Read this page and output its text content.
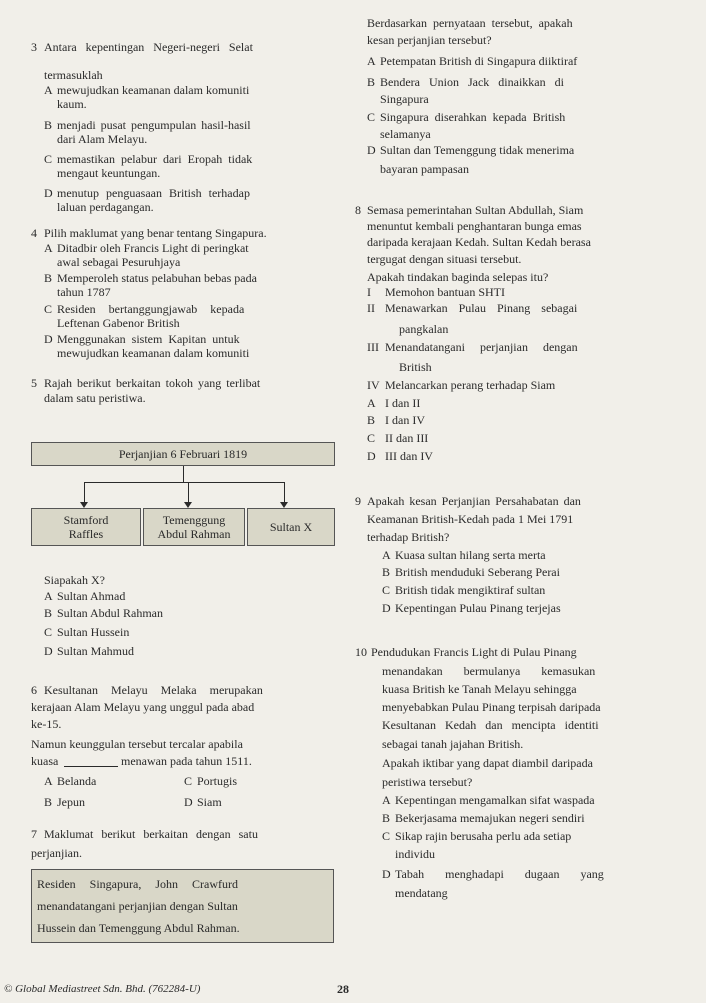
3 Antara kepentingan Negeri-negeri Selat
termasuklah
A mewujudkan keamanan dalam komuniti
kaum.
B menjadi pusat pengumpulan hasil-hasil
dari Alam Melayu.
C memastikan pelabur dari Eropah tidak
mengaut keuntungan.
D menutup penguasaan British terhadap
laluan perdagangan.
4 Pilih maklumat yang benar tentang Singapura.
A Ditadbir oleh Francis Light di peringkat
awal sebagai Pesuruhjaya
B Memperoleh status pelabuhan bebas pada
tahun 1787
C Residen bertanggungjawab kepada
Leftenan Gabenor British
D Menggunakan sistem Kapitan untuk
mewujudkan keamanan dalam komuniti
5 Rajah berikut berkaitan tokoh yang terlibat
dalam satu peristiwa.
Perjanjian 6 Februari 1819
Stamford
Raffles
Temenggung
Abdul Rahman	Sultan X
Siapakah X?
A Sultan Ahmad
B Sultan Abdul Rahman
C Sultan Hussein
D Sultan Mahmud
6 Kesultanan Melayu Melaka merupakan
kerajaan Alam Melayu yang unggul pada abad
ke-15.
Namun keunggulan tersebut tercalar apabila
kuasa	menawan pada tahun 1511.
A Belanda	C Portugis
B Jepun	D Siam
7 Maklumat berikut berkaitan dengan satu
perjanjian.
Residen Singapura, John Crawfurd
menandatangani perjanjian dengan Sultan
Hussein dan Temenggung Abdul Rahman.
© Global Mediastreet Sdn. Bhd. (762284-U)	28
Berdasarkan pernyataan tersebut, apakah
kesan perjanjian tersebut?
A Petempatan British di Singapura diiktiraf
B Bendera Union Jack dinaikkan di
Singapura
C Singapura diserahkan kepada British
selamanya
D Sultan dan Temenggung tidak menerima
bayaran pampasan
8 Semasa pemerintahan Sultan Abdullah, Siam
menuntut kembali penghantaran bunga emas
daripada kerajaan Kedah. Sultan Kedah berasa
tergugat dengan situasi tersebut.
Apakah tindakan baginda selepas itu?
I Memohon bantuan SHTI
II Menawarkan Pulau Pinang sebagai
pangkalan
III Menandatangani perjanjian dengan
British
IV Melancarkan perang terhadap Siam
A I dan II
B I dan IV
C II dan III
D III dan IV
9 Apakah kesan Perjanjian Persahabatan dan
Keamanan British-Kedah pada 1 Mei 1791
terhadap British?
A Kuasa sultan hilang serta merta
B British menduduki Seberang Perai
C British tidak mengiktiraf sultan
D Kepentingan Pulau Pinang terjejas
10 Pendudukan Francis Light di Pulau Pinang
menandakan bermulanya kemasukan
kuasa British ke Tanah Melayu sehingga
menyebabkan Pulau Pinang terpisah daripada
Kesultanan Kedah dan mencipta identiti
sebagai tanah jajahan British.
Apakah iktibar yang dapat diambil daripada
peristiwa tersebut?
A Kepentingan mengamalkan sifat waspada
B Bekerjasama memajukan negeri sendiri
C Sikap rajin berusaha perlu ada setiap
individu
D Tabah menghadapi dugaan yang
mendatang
